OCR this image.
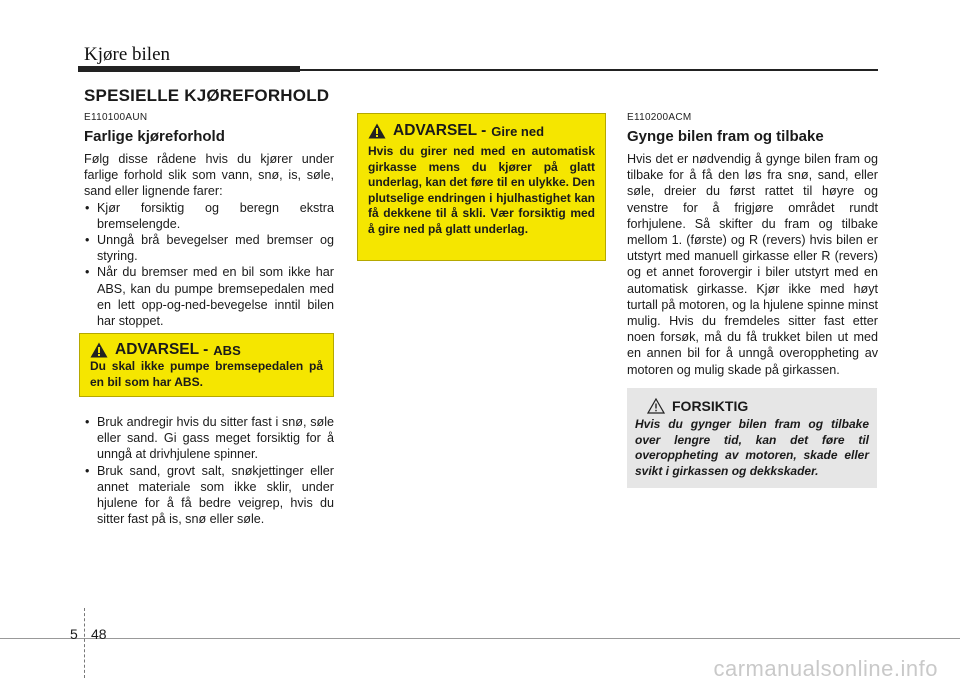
Kjøre bilen
SPESIELLE KJØREFORHOLD
E110100AUN
Farlige kjøreforhold
Følg disse rådene hvis du kjører under farlige forhold slik som vann, snø, is, søle, sand eller lignende farer:
• Kjør forsiktig og beregn ekstra bremselengde.
• Unngå brå bevegelser med bremser og styring.
• Når du bremser med en bil som ikke har ABS, kan du pumpe bremsepedalen med en lett opp-og-ned-bevegelse inntil bilen har stoppet.
ADVARSEL - ABS
Du skal ikke pumpe bremsepedalen på en bil som har ABS.
• Bruk andregir hvis du sitter fast i snø, søle eller sand. Gi gass meget forsiktig for å unngå at drivhjulene spinner.
• Bruk sand, grovt salt, snøkjettinger eller annet materiale som ikke sklir, under hjulene for å få bedre veigrep, hvis du sitter fast på is, snø eller søle.
ADVARSEL - Gire ned
Hvis du girer ned med en automatisk girkasse mens du kjører på glatt underlag, kan det føre til en ulykke. Den plutselige endringen i hjulhastighet kan få dekkene til å skli. Vær forsiktig med å gire ned på glatt underlag.
E110200ACM
Gynge bilen fram og tilbake
Hvis det er nødvendig å gynge bilen fram og tilbake for å få den løs fra snø, sand, eller søle, dreier du først rattet til høyre og venstre for å frigjøre området rundt forhjulene. Så skifter du fram og tilbake mellom 1. (første) og R (revers) hvis bilen er utstyrt med manuell girkasse eller R (revers) og et annet forovergir i biler utstyrt med en automatisk girkasse. Kjør ikke med høyt turtall på motoren, og la hjulene spinne minst mulig. Hvis du fremdeles sitter fast etter noen forsøk, må du få trukket bilen ut med en annen bil for å unngå overoppheting av motoren og mulig skade på girkassen.
FORSIKTIG
Hvis du gynger bilen fram og tilbake over lengre tid, kan det føre til overoppheting av motoren, skade eller svikt i girkassen og dekkskader.
5 48
carmanualsonline.info
